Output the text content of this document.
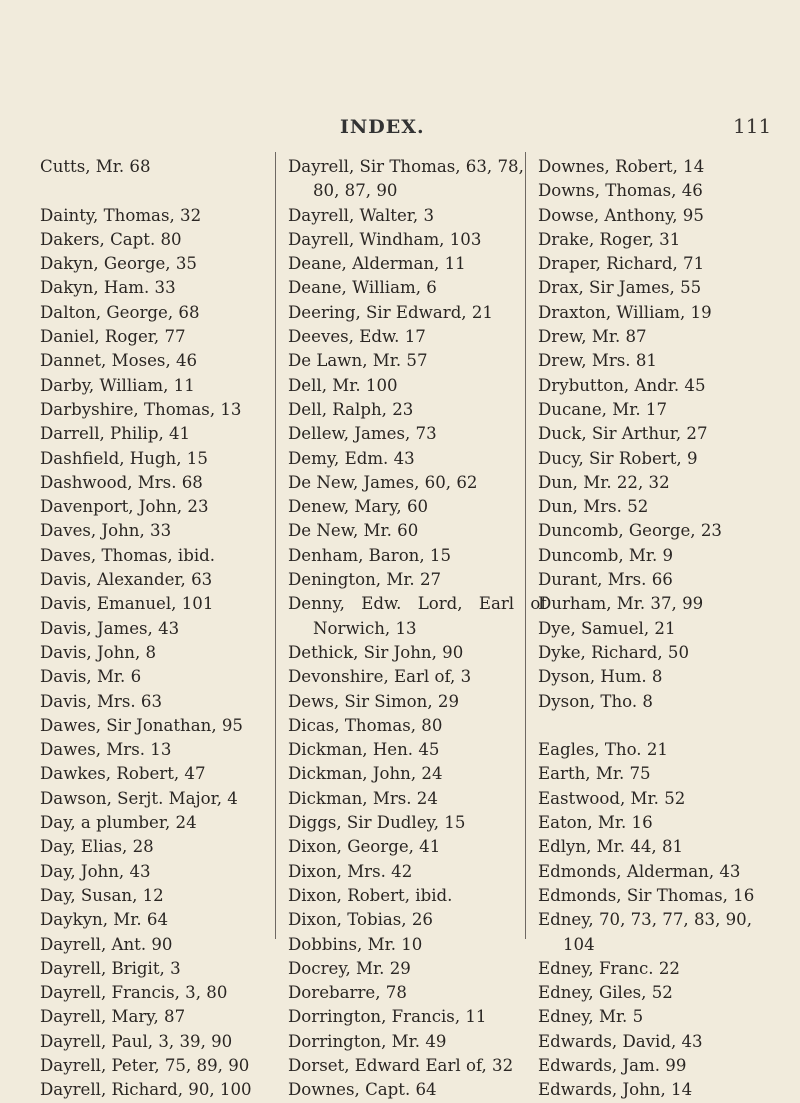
INDEX.	111
Cutts, Mr. 68
Dainty, Thomas, 32
Dakers, Capt. 80
Dakyn, George, 35
Dakyn, Ham. 33
Dalton, George, 68
Daniel, Roger, 77
Dannet, Moses, 46
Darby, William, 11
Darbyshire, Thomas, 13
Darrell, Philip, 41
Dashfield, Hugh, 15
Dashwood, Mrs. 68
Davenport, John, 23
Daves, John, 33
Daves, Thomas, ibid.
Davis, Alexander, 63
Davis, Emanuel, 101
Davis, James, 43
Davis, John, 8
Davis, Mr. 6
Davis, Mrs. 63
Dawes, Sir Jonathan, 95
Dawes, Mrs. 13
Dawkes, Robert, 47
Dawson, Serjt. Major, 4
Day, a plumber, 24
Day, Elias, 28
Day, John, 43
Day, Susan, 12
Daykyn, Mr. 64
Dayrell, Ant. 90
Dayrell, Brigit, 3
Dayrell, Francis, 3, 80
Dayrell, Mary, 87
Dayrell, Paul, 3, 39, 90
Dayrell, Peter, 75, 89, 90
Dayrell, Richard, 90, 100
Dayrell, Sir Thomas, 63, 78,
80, 87, 90
Dayrell, Walter, 3
Dayrell, Windham, 103
Deane, Alderman, 11
Deane, William, 6
Deering, Sir Edward, 21
Deeves, Edw. 17
De Lawn, Mr. 57
Dell, Mr. 100
Dell, Ralph, 23
Dellew, James, 73
Demy, Edm. 43
De New, James, 60, 62
Denew, Mary, 60
De New, Mr. 60
Denham, Baron, 15
Denington, Mr. 27
Denny, Edw. Lord, Earl of
Norwich, 13
Dethick, Sir John, 90
Devonshire, Earl of, 3
Dews, Sir Simon, 29
Dicas, Thomas, 80
Dickman, Hen. 45
Dickman, John, 24
Dickman, Mrs. 24
Diggs, Sir Dudley, 15
Dixon, George, 41
Dixon, Mrs. 42
Dixon, Robert, ibid.
Dixon, Tobias, 26
Dobbins, Mr. 10
Docrey, Mr. 29
Dorebarre, 78
Dorrington, Francis, 11
Dorrington, Mr. 49
Dorset, Edward Earl of, 32
Downes, Capt. 64
Downes, Robert, 14
Downs, Thomas, 46
Dowse, Anthony, 95
Drake, Roger, 31
Draper, Richard, 71
Drax, Sir James, 55
Draxton, William, 19
Drew, Mr. 87
Drew, Mrs. 81
Drybutton, Andr. 45
Ducane, Mr. 17
Duck, Sir Arthur, 27
Ducy, Sir Robert, 9
Dun, Mr. 22, 32
Dun, Mrs. 52
Duncomb, George, 23
Duncomb, Mr. 9
Durant, Mrs. 66
Durham, Mr. 37, 99
Dye, Samuel, 21
Dyke, Richard, 50
Dyson, Hum. 8
Dyson, Tho. 8
Eagles, Tho. 21
Earth, Mr. 75
Eastwood, Mr. 52
Eaton, Mr. 16
Edlyn, Mr. 44, 81
Edmonds, Alderman, 43
Edmonds, Sir Thomas, 16
Edney, 70, 73, 77, 83, 90,
104
Edney, Franc. 22
Edney, Giles, 52
Edney, Mr. 5
Edwards, David, 43
Edwards, Jam. 99
Edwards, John, 14
